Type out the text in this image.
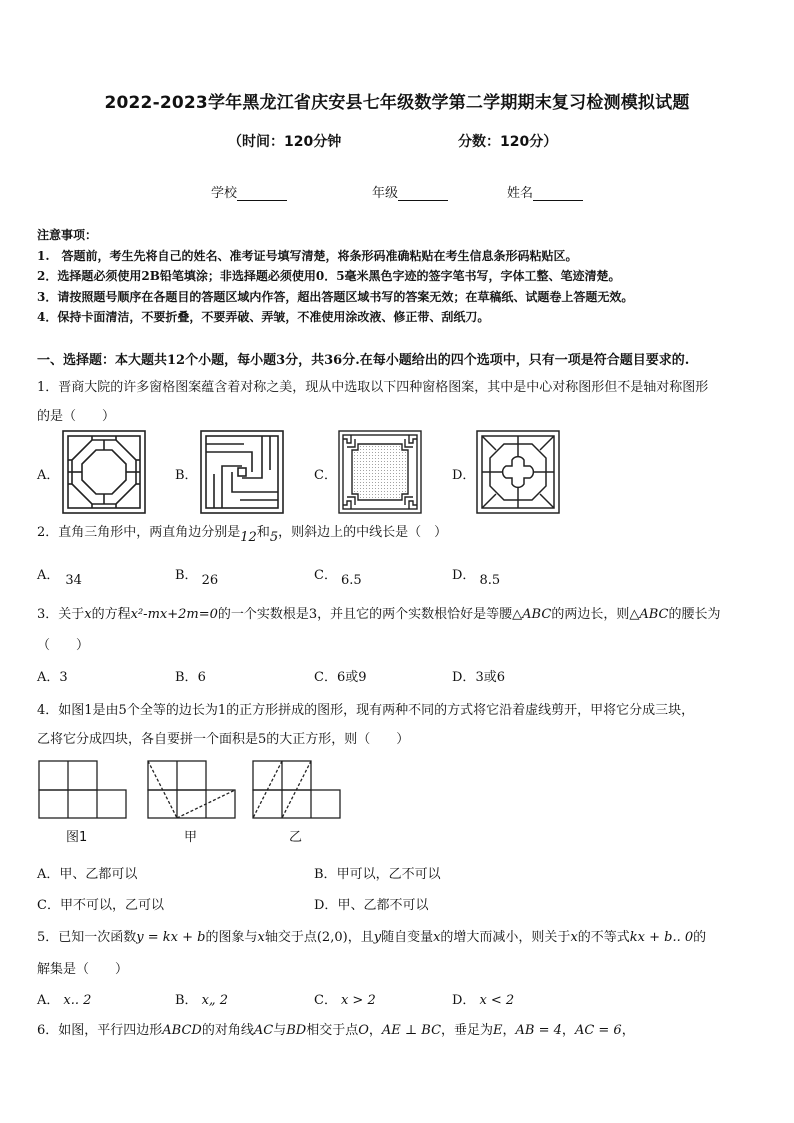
2022-2023学年黑龙江省庆安县七年级数学第二学期期末复习检测模拟试题
（时间：120分钟	分数：120分）
学校	年级	姓名
注意事项：
1.　答题前，考生先将自己的姓名、准考证号填写清楚，将条形码准确粘贴在考生信息条形码粘贴区。
2．选择题必须使用2B铅笔填涂；非选择题必须使用0．5毫米黑色字迹的签字笔书写，字体工整、笔迹清楚。
3．请按照题号顺序在各题目的答题区域内作答，超出答题区域书写的答案无效；在草稿纸、试题卷上答题无效。
4．保持卡面清洁，不要折叠，不要弄破、弄皱，不准使用涂改液、修正带、刮纸刀。
一、选择题：本大题共12个小题，每小题3分，共36分.在每小题给出的四个选项中，只有一项是符合题目要求的.
1．晋商大院的许多窗格图案蕴含着对称之美，现从中选取以下四种窗格图案，其中是中心对称图形但不是轴对称图形
的是（　　）
A．	B．	C．	D．
2．直角三角形中，两直角边分别是12和5，则斜边上的中线长是（　）
A． 34	B． 26	C． 6.5	D． 8.5
3．关于x的方程x²-mx+2m=0的一个实数根是3，并且它的两个实数根恰好是等腰△ABC的两边长，则△ABC的腰长为
（　　）
A．3	B．6	C．6或9	D．3或6
4．如图1是由5个全等的边长为1的正方形拼成的图形，现有两种不同的方式将它沿着虚线剪开，甲将它分成三块，
乙将它分成四块，各自要拼一个面积是5的大正方形，则（　　）
图1	甲	乙
A．甲、乙都可以	B．甲可以，乙不可以
C．甲不可以，乙可以	D．甲、乙都不可以
5．已知一次函数y = kx + b的图象与x轴交于点(2,0)，且y随自变量x的增大而减小，则关于x的不等式kx + b.. 0的
解集是（　　）
A． x.. 2	B． x„ 2	C． x > 2	D． x < 2
6．如图，平行四边形ABCD的对角线AC与BD相交于点O，AE ⊥ BC，垂足为E，AB = 4，AC = 6，
